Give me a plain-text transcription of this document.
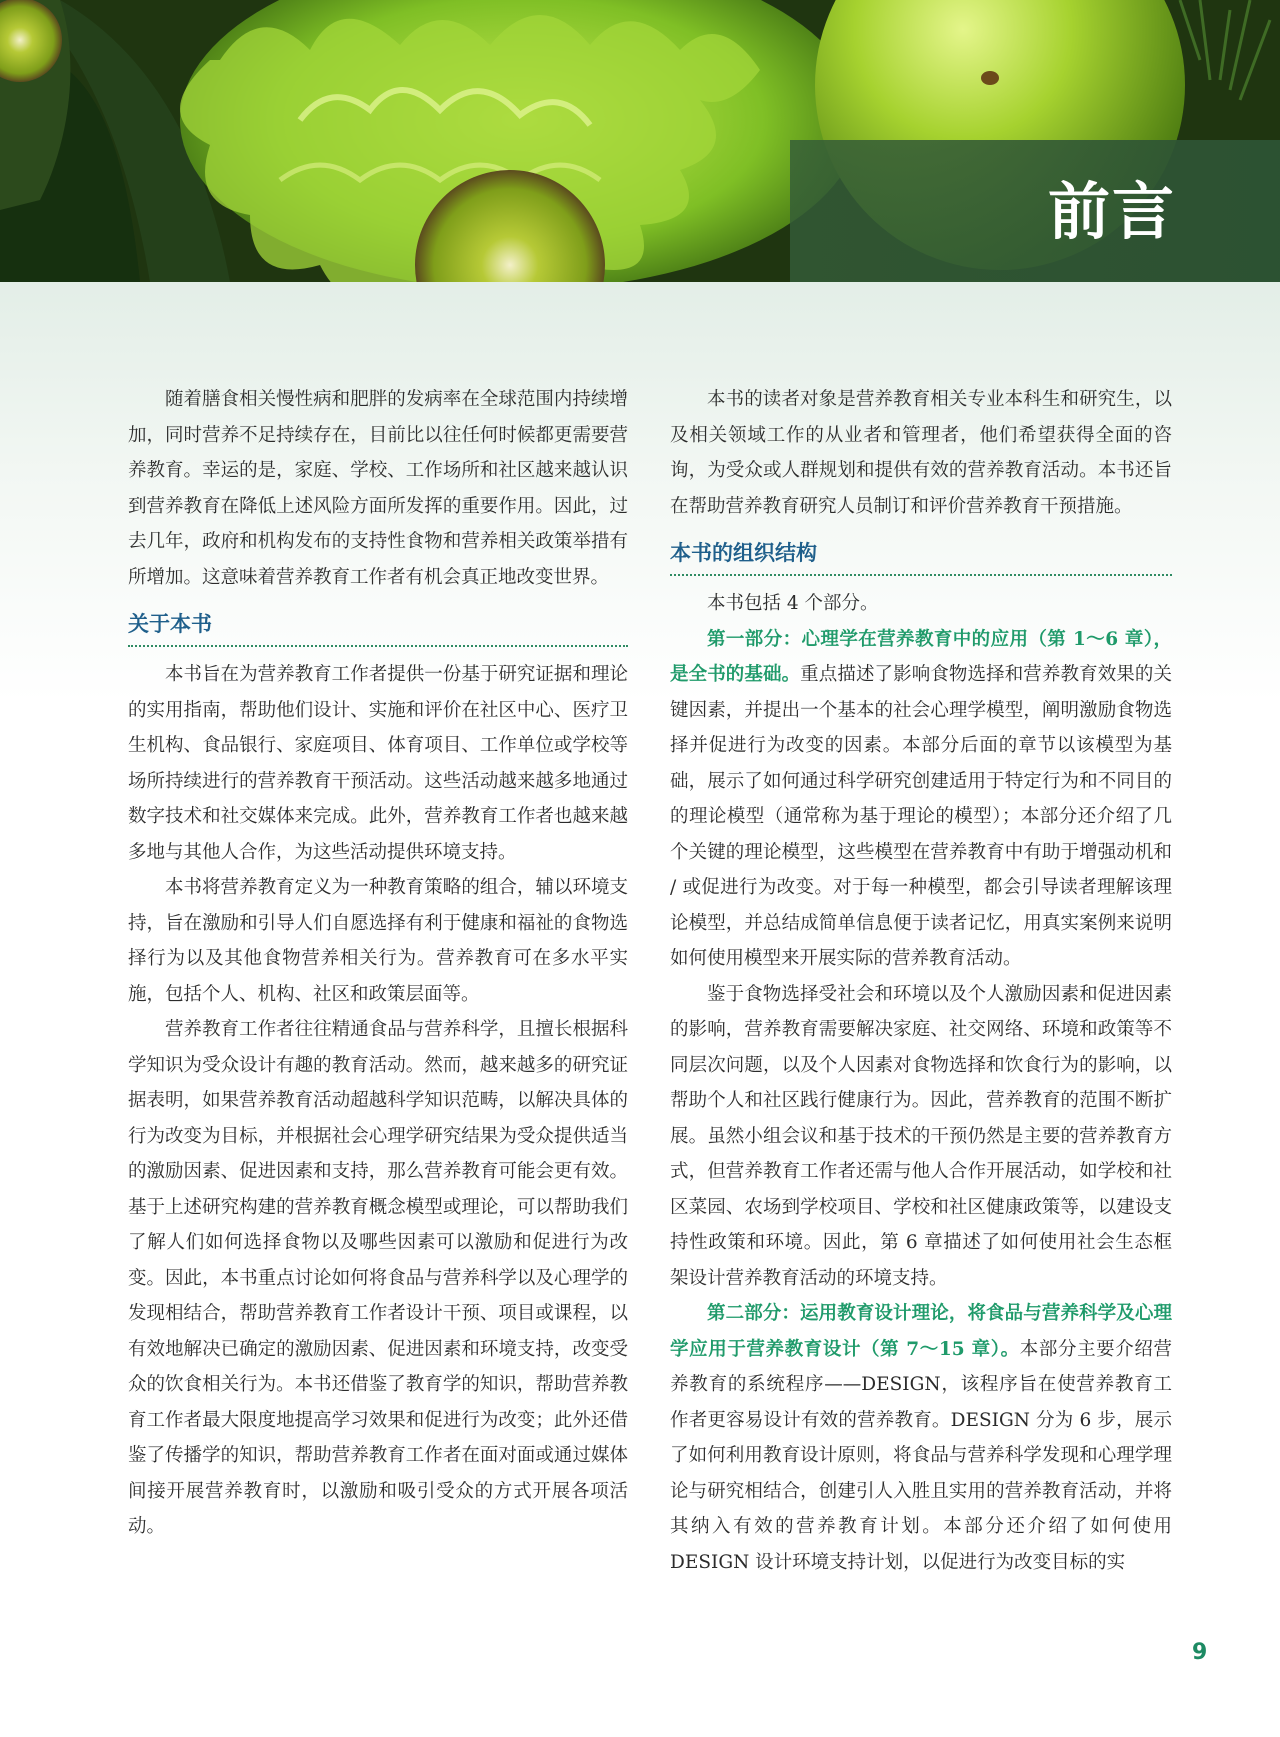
前言

随着膳食相关慢性病和肥胖的发病率在全球范围内持续增加，同时营养不足持续存在，目前比以往任何时候都更需要营养教育。幸运的是，家庭、学校、工作场所和社区越来越认识到营养教育在降低上述风险方面所发挥的重要作用。因此，过去几年，政府和机构发布的支持性食物和营养相关政策举措有所增加。这意味着营养教育工作者有机会真正地改变世界。

关于本书

本书旨在为营养教育工作者提供一份基于研究证据和理论的实用指南，帮助他们设计、实施和评价在社区中心、医疗卫生机构、食品银行、家庭项目、体育项目、工作单位或学校等场所持续进行的营养教育干预活动。这些活动越来越多地通过数字技术和社交媒体来完成。此外，营养教育工作者也越来越多地与其他人合作，为这些活动提供环境支持。

本书将营养教育定义为一种教育策略的组合，辅以环境支持，旨在激励和引导人们自愿选择有利于健康和福祉的食物选择行为以及其他食物营养相关行为。营养教育可在多水平实施，包括个人、机构、社区和政策层面等。

营养教育工作者往往精通食品与营养科学，且擅长根据科学知识为受众设计有趣的教育活动。然而，越来越多的研究证据表明，如果营养教育活动超越科学知识范畴，以解决具体的行为改变为目标，并根据社会心理学研究结果为受众提供适当的激励因素、促进因素和支持，那么营养教育可能会更有效。基于上述研究构建的营养教育概念模型或理论，可以帮助我们了解人们如何选择食物以及哪些因素可以激励和促进行为改变。因此，本书重点讨论如何将食品与营养科学以及心理学的发现相结合，帮助营养教育工作者设计干预、项目或课程，以有效地解决已确定的激励因素、促进因素和环境支持，改变受众的饮食相关行为。本书还借鉴了教育学的知识，帮助营养教育工作者最大限度地提高学习效果和促进行为改变；此外还借鉴了传播学的知识，帮助营养教育工作者在面对面或通过媒体间接开展营养教育时，以激励和吸引受众的方式开展各项活动。

本书的读者对象是营养教育相关专业本科生和研究生，以及相关领域工作的从业者和管理者，他们希望获得全面的咨询，为受众或人群规划和提供有效的营养教育活动。本书还旨在帮助营养教育研究人员制订和评价营养教育干预措施。

本书的组织结构

本书包括 4 个部分。

第一部分：心理学在营养教育中的应用（第 1～6 章），是全书的基础。重点描述了影响食物选择和营养教育效果的关键因素，并提出一个基本的社会心理学模型，阐明激励食物选择并促进行为改变的因素。本部分后面的章节以该模型为基础，展示了如何通过科学研究创建适用于特定行为和不同目的的理论模型（通常称为基于理论的模型）；本部分还介绍了几个关键的理论模型，这些模型在营养教育中有助于增强动机和 / 或促进行为改变。对于每一种模型，都会引导读者理解该理论模型，并总结成简单信息便于读者记忆，用真实案例来说明如何使用模型来开展实际的营养教育活动。

鉴于食物选择受社会和环境以及个人激励因素和促进因素的影响，营养教育需要解决家庭、社交网络、环境和政策等不同层次问题，以及个人因素对食物选择和饮食行为的影响，以帮助个人和社区践行健康行为。因此，营养教育的范围不断扩展。虽然小组会议和基于技术的干预仍然是主要的营养教育方式，但营养教育工作者还需与他人合作开展活动，如学校和社区菜园、农场到学校项目、学校和社区健康政策等，以建设支持性政策和环境。因此，第 6 章描述了如何使用社会生态框架设计营养教育活动的环境支持。

第二部分：运用教育设计理论，将食品与营养科学及心理学应用于营养教育设计（第 7～15 章）。本部分主要介绍营养教育的系统程序——DESIGN，该程序旨在使营养教育工作者更容易设计有效的营养教育。DESIGN 分为 6 步，展示了如何利用教育设计原则，将食品与营养科学发现和心理学理论与研究相结合，创建引人入胜且实用的营养教育活动，并将其纳入有效的营养教育计划。本部分还介绍了如何使用 DESIGN 设计环境支持计划，以促进行为改变目标的实

9
